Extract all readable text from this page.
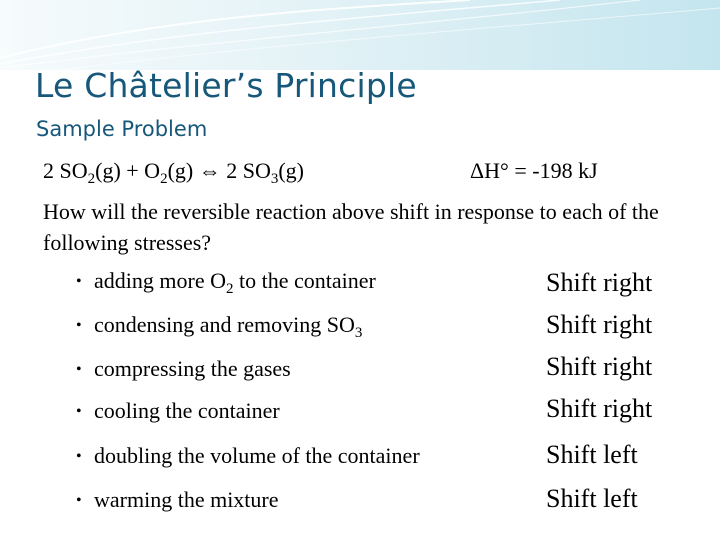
Le Châtelier’s Principle
Sample Problem
2 $SO_2(g) + O_2(g)$ ⇔ 2 $SO_3(g)$	ΔH° = -198 kJ
How will the reversible reaction above shift in response to each of the following stresses?
• adding more $O_2$ to the container	Shift right
• condensing and removing $SO_3$	Shift right
• compressing the gases	Shift right
• cooling the container	Shift right
• doubling the volume of the container	Shift left
• warming the mixture	Shift left
